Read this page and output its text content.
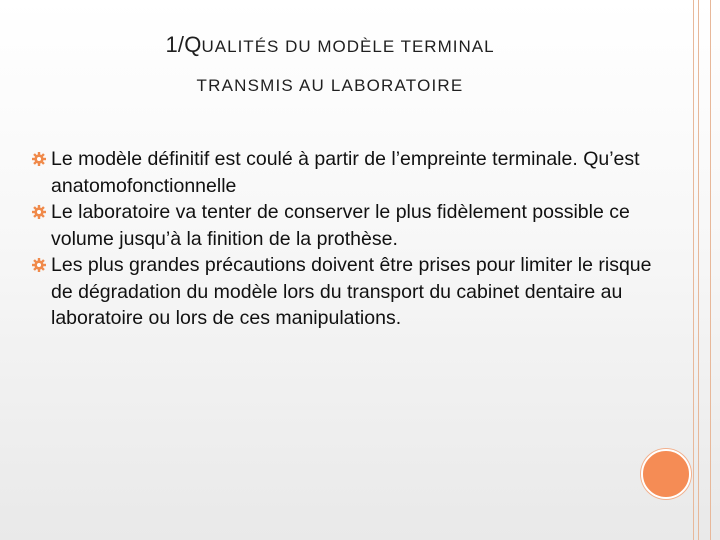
1/QUALITÉS DU MODÈLE TERMINAL
TRANSMIS AU LABORATOIRE
Le modèle définitif est coulé à partir de l’empreinte terminale. Qu’est anatomofonctionnelle
Le laboratoire va tenter de conserver le plus fidèlement possible ce volume jusqu’à la finition de la prothèse.
Les plus grandes précautions doivent être prises pour limiter le risque de dégradation du modèle lors du transport du cabinet dentaire au laboratoire ou lors de ces manipulations.
